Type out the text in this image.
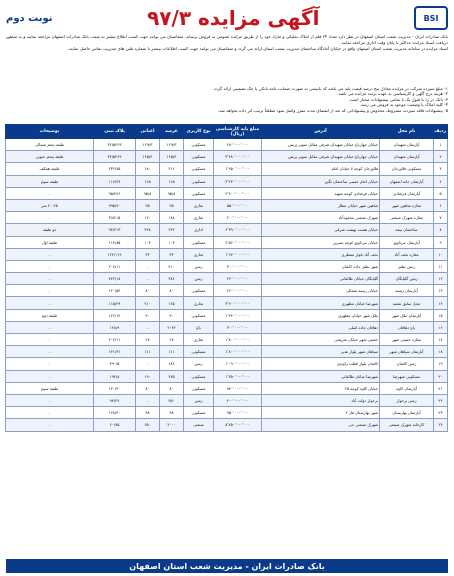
BSI
آگهی مزایده ۹۷/۳
نوبت دوم

بانک صادرات ایران - مدیریت شعب استان اصفهان در نظر دارد تعداد ۲۴ قلم از املاک تملیکی و مازاد خود را از طریق مزایده عمومی به فروش برساند. متقاضیان می توانند جهت کسب اطلاع بیشتر به شعب بانک صادرات اصفهان مراجعه نمایند و به منظور دریافت اسناد مزایده حداکثر تا پایان وقت اداری مراجعه نمایند.

اسناد مزایده در سامانه مدیریت شعب استان اصفهان واقع در خیابان آمادگاه ساختمان مدیریت شعب استان ارائه می گردد و متقاضیان می توانند جهت کسب اطلاعات بیشتر با شماره تلفن های مدیریت تماس حاصل نمایند.

۱- مبلغ سپرده شرکت در مزایده معادل پنج درصد قیمت پایه می باشد که بایستی به صورت ضمانت نامه بانکی یا چک تضمینی ارائه گردد.

۲- هزینه درج آگهی و کارشناسی به عهده برنده مزایده می باشد.

۳- بانک در رد یا قبول یک یا تمامی پیشنهادات مختار است.

۴- کلیه املاک با وضعیت موجود به فروش می رسد.

۵- پیشنهادات فاقد سپرده، مشروط، مخدوش و پیشنهاداتی که بعد از انقضای مدت مقرر واصل شود مطلقاً ترتیب اثر داده نخواهد شد.

ردیف	نام محل	آدرس	مبلغ پایه کارشناسی (ریال)	نوع کاربری	عرصه	اعیانی	پلاک ثبتی	توضیحات
۱	آپارتمان شهیدان	خیابان چهارباغ خیابان شهیدان شرقی مقابل سوپر پرنس	۲۸۰٬۰۰۰٬۰۰۰	مسکونی	۱۲۹/۳	۱۲۹/۳	۳۲/۵۴۶۳	طبقه پنجم شمالی
۲	آپارتمان شهیدان	خیابان چهارباغ خیابان شهیدان شرقی مقابل سوپر پرنس	۳٬۴۸۰٬۰۰۰٬۰۰۰	مسکونی	۱۲۵/۴	۱۲۵/۴	۳۲/۵۴۶۴	طبقه پنجم جنوبی
۳	مسکونی فلاورجان	فلاورجان کوچه ۷ خیابان امام	۱٬۹۵۰٬۰۰۰٬۰۰۰	مسکونی	۲۱۶	۱۸۰	۲۳۶/۷۵	طبقه همکف
۴	آپارتمان خانه اصفهان	خیابان امام خمینی ساختمان نگین	۳٬۲۳۰٬۰۰۰٬۰۰۰	مسکونی	۱۱۵	۱۱۵	۱۱۷/۲۹	طبقه سوم
۵	آپارتمان فرشادی	خیابان فرشادی کوچه شهید	۲٬۴۰۰٬۰۰۰٬۰۰۰	مسکونی	۹۵/۸	۹۵/۸	۹۵/۴۴۶	-
۶	مغازه شاهین شهر	شاهین شهر خیابان عطار	۵۵۰٬۰۰۰٬۰۰۰	تجاری	۲۵	۲۵	۹۹۵/۷۰	۲۰-۲۵ متر
۷	مغازه شهرک صنعتی	شهرک صنعتی محمودآباد	۲۰۰٬۰۰۰٬۰۰۰	تجاری	۱۴۸	۱۲۰	۳/۸۲۱۵	-
۸	ساختمان بیمه	خیابان هشت بهشت شرقی	۶٬۳۹۰٬۰۰۰٬۰۰۰	اداری	۲۴۲	۴۲۸	۹۳/۴۱۳	دو طبقه
۹	آپارتمان مرداویج	خیابان مرداویج کوچه نسرین	۲٬۵۶۰٬۰۰۰٬۰۰۰	مسکونی	۱۰۳	۱۰۳	۱۱۴/۸۵	طبقه اول
۱۰	مغازه نجف آباد	نجف آباد بلوار منتظری	۱٬۶۷۰٬۰۰۰٬۰۰۰	تجاری	۳۳	۳۳	۱۲۲/۱۱۹	-
۱۱	زمین نطنز	شهر نطنز جاده کاشان	۳۰۰٬۰۰۰٬۰۰۰	زمین	۴۱۰	-	۲۰۷/۱۱	-
۱۲	زمین گلپایگان	گلپایگان خیابان طالقانی	۲۴۰٬۰۰۰٬۰۰۰	زمین	۳۸۶	-	۷۴۲/۱۸	-
۱۳	آپارتمان زینبیه	خیابان زینبیه شمالی	۲۶۰٬۰۰۰٬۰۰۰	مسکونی	۸۰	۸۰	۱۴۰/۵۴	-
۱۴	محل سابق شعبه	شهرضا خیابان مطهری	۳٬۴۰۰٬۰۰۰٬۰۰۰	تجاری	۱۶۵	۲۱۰	۱۱۵/۲۹	-
۱۵	آپارتمان ملک شهر	ملک شهر خیابان مطهری	۱٬۴۴۰٬۰۰۰٬۰۰۰	مسکونی	۹۰	۹۰	۱۲۶/۱۴	طبقه دوم
۱۶	باغ دهاقان	دهاقان جاده اصلی	۳۰۰٬۰۰۰٬۰۰۰	باغ	۲۰۴۴	-	۱۲۸/۹	-
۱۷	مغازه خمینی شهر	خمینی شهر خیابان شریعتی	۱٬۸۰۰٬۰۰۰٬۰۰۰	تجاری	۲۸	۲۸	۲۰۴/۱۱	-
۱۸	آپارتمان سپاهان شهر	سپاهان شهر بلوار غدیر	۱٬۸۰۰٬۰۰۰٬۰۰۰	مسکونی	۱۱۱	۱۱۱	۱۴۱/۳۱	-
۱۹	زمین کاشان	کاشان بلوار قطب راوندی	۱٬۰۹۰٬۰۰۰٬۰۰۰	زمین	۶۸۲	-	۳۹۰/۵	-
۲۰	مسکونی شهرضا	شهرضا خیابان طالقانی	۱٬۳۵۰٬۰۰۰٬۰۰۰	مسکونی	۲۷۵	۱۹۰	۱۹۴/۸	-
۲۱	آپارتمان کاوه	خیابان کاوه کوچه ۲۵	۸۴۰٬۰۰۰٬۰۰۰	مسکونی	۸۰	۸۰	۱۲۰/۳۰	طبقه سوم
۲۲	زمین برخوار	برخوار دولت آباد	۴۰۰٬۰۰۰٬۰۰۰	زمین	۴۵۰	-	۹۴/۲۷	-
۲۳	آپارتمان بهارستان	شهر بهارستان فاز ۲	۹۵۰٬۰۰۰٬۰۰۰	مسکونی	۹۸	۹۸	۱۶۸/۴۰	-
۲۴	کارخانه شهرک صنعتی	شهرک صنعتی جی	۸٬۷۵۰٬۰۰۰٬۰۰۰	صنعتی	۲۰۰۰	۶۵۰	۶۰/۹۵	-
بانک صادرات ایران - مدیریت شعب استان اصفهان
